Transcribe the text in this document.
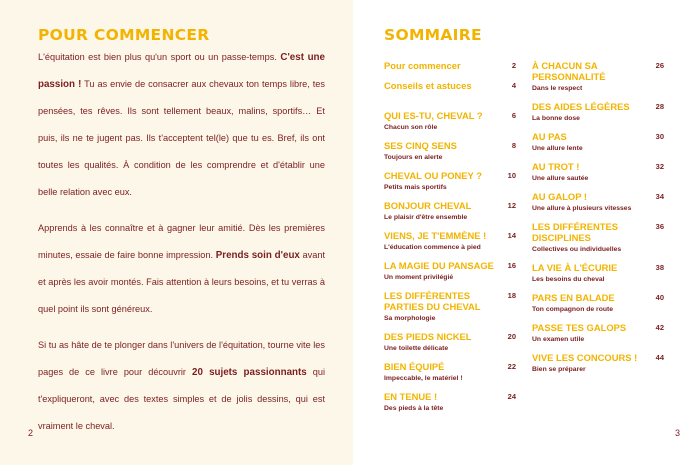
POUR COMMENCER

L'équitation est bien plus qu'un sport ou un passe-temps. C'est une passion ! Tu as envie de consacrer aux chevaux ton temps libre, tes pensées, tes rêves. Ils sont tellement beaux, malins, sportifs… Et puis, ils ne te jugent pas. Ils t'acceptent tel(le) que tu es. Bref, ils ont toutes les qualités. À condition de les comprendre et d'établir une belle relation avec eux.

Apprends à les connaître et à gagner leur amitié. Dès les premières minutes, essaie de faire bonne impression. Prends soin d'eux avant et après les avoir montés. Fais attention à leurs besoins, et tu verras à quel point ils sont généreux.

Si tu as hâte de te plonger dans l'univers de l'équitation, tourne vite les pages de ce livre pour découvrir 20 sujets passionnants qui t'expliqueront, avec des textes simples et de jolis dessins, qui est vraiment le cheval.

2
SOMMAIRE
Pour commencer	2
Conseils et astuces	4
QUI ES-TU, CHEVAL ?
Chacun son rôle
6
SES CINQ SENS
Toujours en alerte
8
CHEVAL OU PONEY ?
Petits mais sportifs
10
BONJOUR CHEVAL
Le plaisir d'être ensemble
12
VIENS, JE T'EMMÈNE !
L'éducation commence à pied
14
LA MAGIE DU PANSAGE
Un moment privilégié
16
LES DIFFÉRENTES PARTIES DU CHEVAL
Sa morphologie
18
DES PIEDS NICKEL
Une toilette délicate
20
BIEN ÉQUIPÉ
Impeccable, le matériel !
22
EN TENUE !
Des pieds à la tête
24
À CHACUN SA PERSONNALITÉ
Dans le respect
26
DES AIDES LÉGÈRES
La bonne dose
28
AU PAS
Une allure lente
30
AU TROT !
Une allure sautée
32
AU GALOP !
Une allure à plusieurs vitesses
34
LES DIFFÉRENTES DISCIPLINES
Collectives ou individuelles
36
LA VIE À L'ÉCURIE
Les besoins du cheval
38
PARS EN BALADE
Ton compagnon de route
40
PASSE TES GALOPS
Un examen utile
42
VIVE LES CONCOURS !
Bien se préparer
44
3
